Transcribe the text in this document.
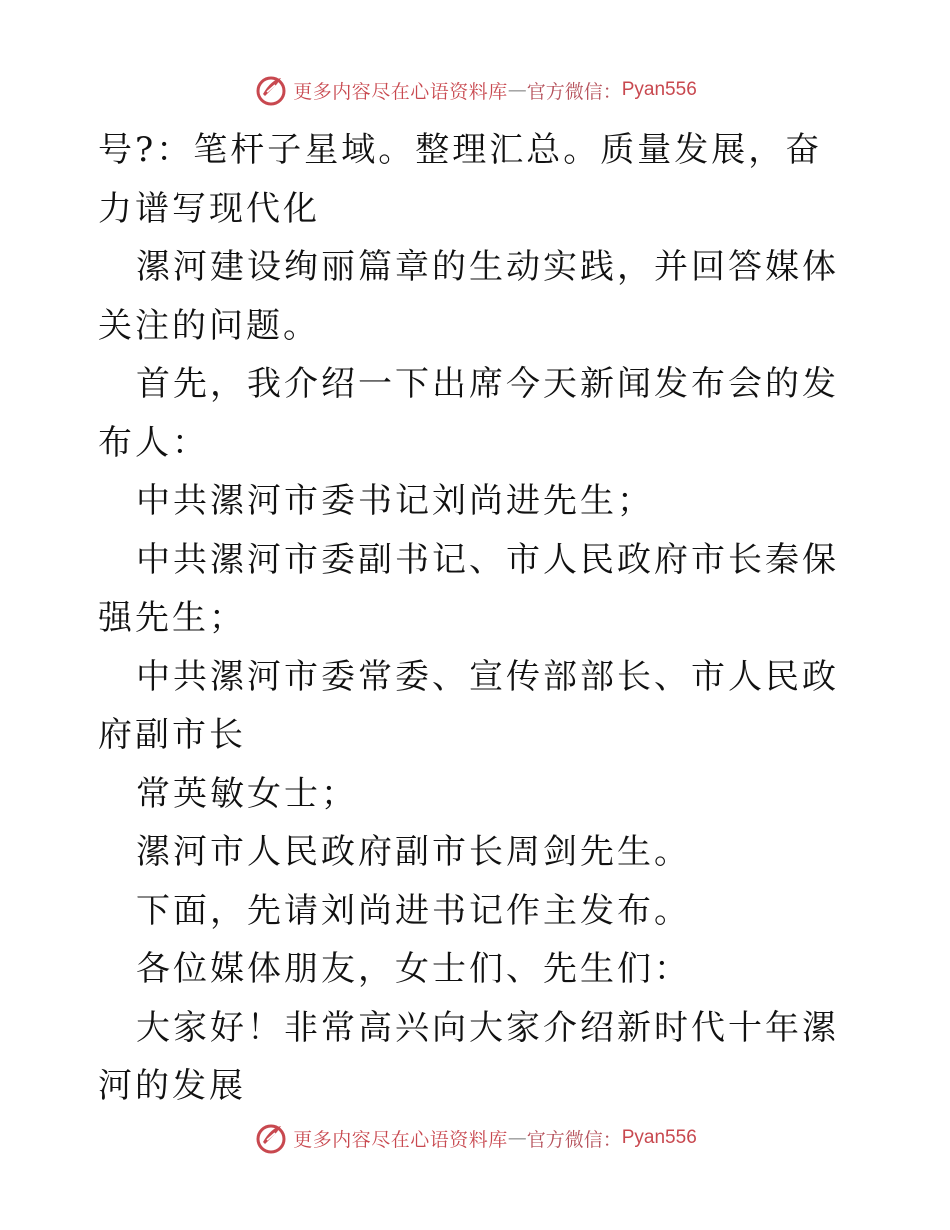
更多内容尽在心语资料库 — 官方微信： Pyan556

号?：笔杆子星域。整理汇总。质量发展，奋力谱写现代化

漯河建设绚丽篇章的生动实践，并回答媒体关注的问题。

首先，我介绍一下出席今天新闻发布会的发布人：

中共漯河市委书记刘尚进先生；

中共漯河市委副书记、市人民政府市长秦保强先生；

中共漯河市委常委、宣传部部长、市人民政府副市长

常英敏女士；

漯河市人民政府副市长周剑先生。

下面，先请刘尚进书记作主发布。

各位媒体朋友，女士们、先生们：

大家好！非常高兴向大家介绍新时代十年漯河的发展

更多内容尽在心语资料库 — 官方微信： Pyan556
